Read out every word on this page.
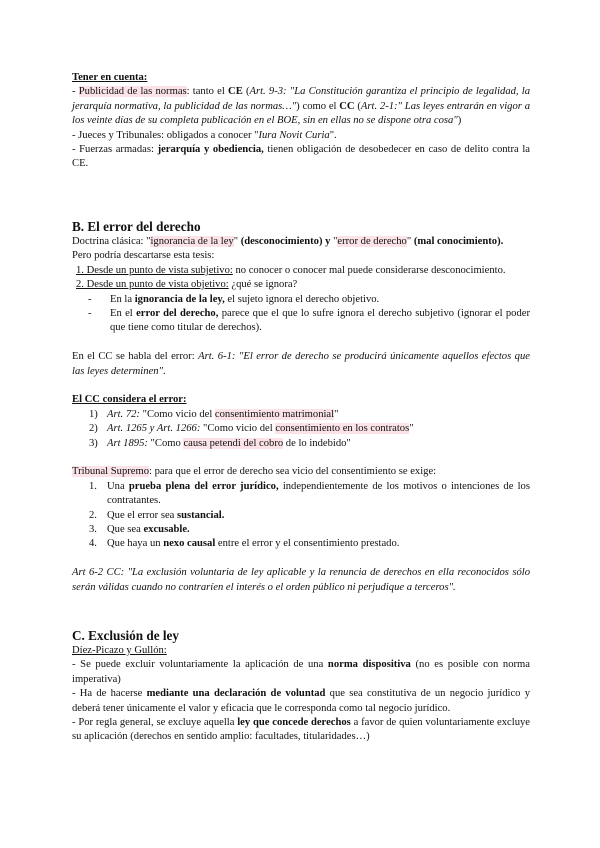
Tener en cuenta:

- Publicidad de las normas: tanto el CE (Art. 9-3: "La Constitución garantiza el principio de legalidad, la jerarquía normativa, la publicidad de las normas…") como el CC (Art. 2-1:" Las leyes entrarán en vigor a los veinte días de su completa publicación en el BOE, sin en ellas no se dispone otra cosa")

- Jueces y Tribunales: obligados a conocer "Iura Novit Curia".

- Fuerzas armadas: jerarquía y obediencia, tienen obligación de desobedecer en caso de delito contra la CE.

B. El error del derecho

Doctrina clásica: "ignorancia de la ley" (desconocimiento) y "error de derecho" (mal conocimiento).

Pero podría descartarse esta tesis:

1. Desde un punto de vista subjetivo: no conocer o conocer mal puede considerarse desconocimiento.

2. Desde un punto de vista objetivo: ¿qué se ignora?

-	En la ignorancia de la ley, el sujeto ignora el derecho objetivo.
-	En el error del derecho, parece que el que lo sufre ignora el derecho subjetivo (ignorar el poder que tiene como titular de derechos).

En el CC se habla del error: Art. 6-1: "El error de derecho se producirá únicamente aquellos efectos que las leyes determinen".

El CC considera el error:

1) Art. 72: "Como vicio del consentimiento matrimonial"
2) Art. 1265 y Art. 1266: "Como vicio del consentimiento en los contratos"
3) Art 1895: "Como causa petendi del cobro de lo indebido"

Tribunal Supremo: para que el error de derecho sea vicio del consentimiento se exige:

1. Una prueba plena del error jurídico, independientemente de los motivos o intenciones de los contratantes.
2. Que el error sea sustancial.
3. Que sea excusable.
4. Que haya un nexo causal entre el error y el consentimiento prestado.

Art 6-2 CC: "La exclusión voluntaria de ley aplicable y la renuncia de derechos en ella reconocidos sólo serán válidas cuando no contraríen el interés o el orden público ni perjudique a terceros".

C. Exclusión de ley

Díez-Picazo y Gullón:

- Se puede excluir voluntariamente la aplicación de una norma dispositiva (no es posible con norma imperativa)

- Ha de hacerse mediante una declaración de voluntad que sea constitutiva de un negocio jurídico y deberá tener únicamente el valor y eficacia que le corresponda como tal negocio jurídico.

- Por regla general, se excluye aquella ley que concede derechos a favor de quien voluntariamente excluye su aplicación (derechos en sentido amplio: facultades, titularidades…)
